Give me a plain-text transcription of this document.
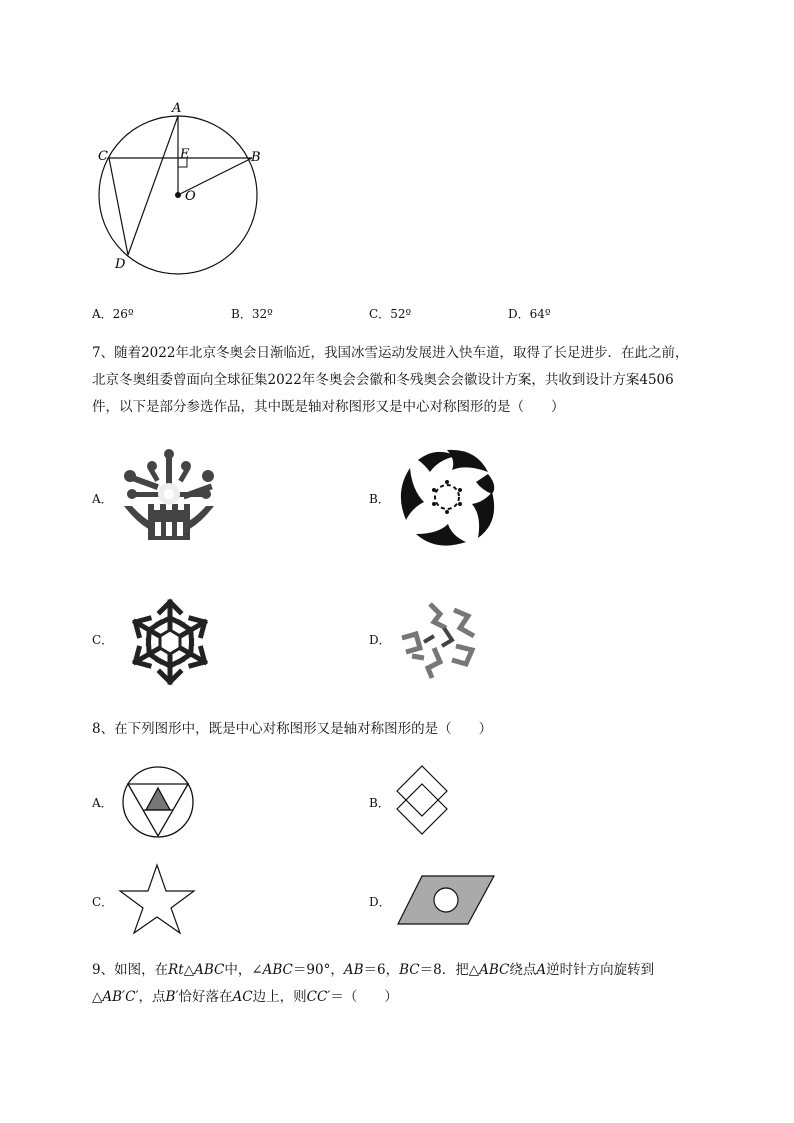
A
C	B
E
O
D
A．26º	B．32º	C．52º	D．64º

7、随着2022年北京冬奥会日渐临近，我国冰雪运动发展进入快车道，取得了长足进步．在此之前，

北京冬奥组委曾面向全球征集2022年冬奥会会徽和冬残奥会会徽设计方案，共收到设计方案4506

件，以下是部分参选作品，其中既是轴对称图形又是中心对称图形的是（　　）

A．	B．
C．	D．
8、在下列图形中，既是中心对称图形又是轴对称图形的是（　　）
A．	B．
C．	D．

9、如图，在Rt△ABC中，∠ABC＝90°，AB＝6，BC＝8．把△ABC绕点A逆时针方向旋转到

△AB′C′，点B′恰好落在AC边上，则CC′＝（　　）
